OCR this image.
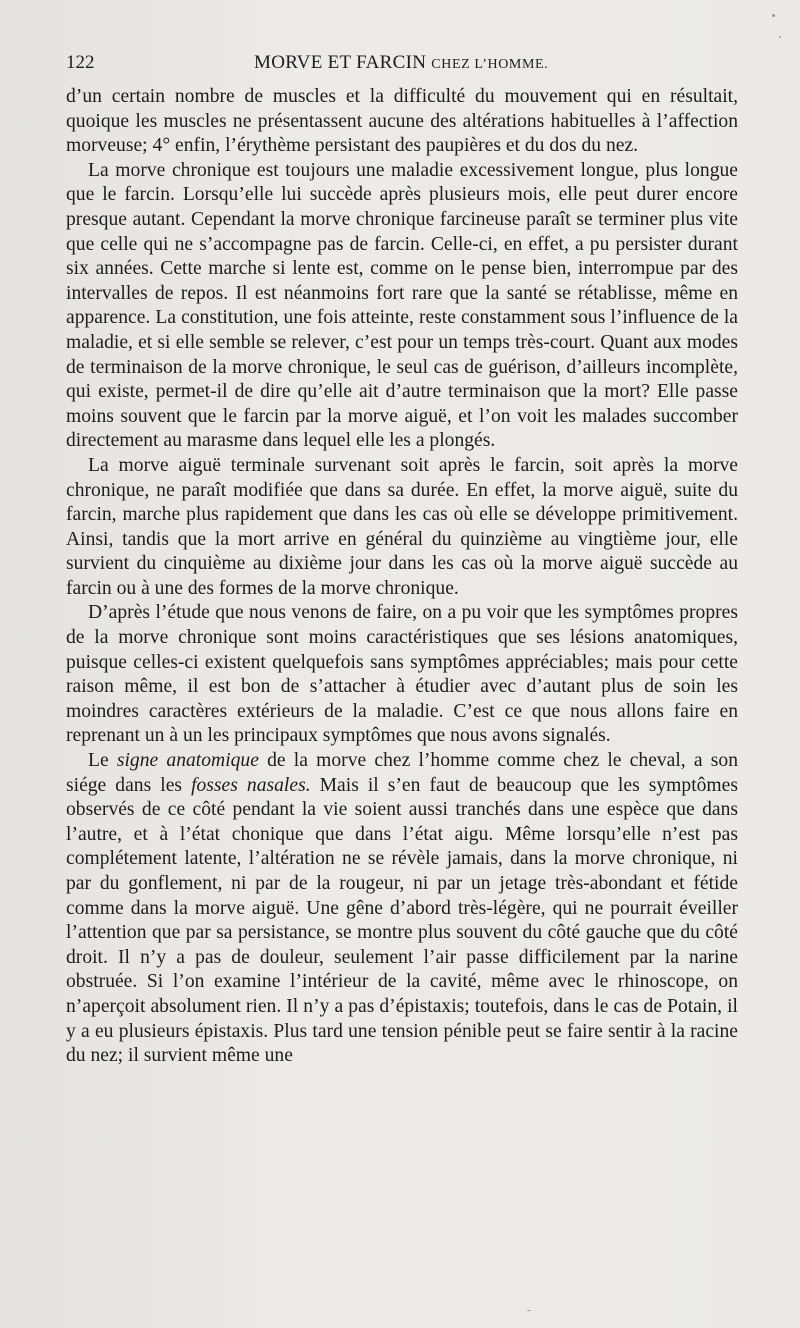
122	MORVE ET FARCIN CHEZ L’HOMME.

d’un certain nombre de muscles et la difficulté du mouvement qui en résultait, quoique les muscles ne présentassent aucune des altérations habituelles à l’affection morveuse; 4° enfin, l’érythème persistant des paupières et du dos du nez.

La morve chronique est toujours une maladie excessivement longue, plus longue que le farcin. Lorsqu’elle lui succède après plusieurs mois, elle peut durer encore presque autant. Cependant la morve chronique farcineuse paraît se terminer plus vite que celle qui ne s’accompagne pas de farcin. Celle-ci, en effet, a pu persister durant six années. Cette marche si lente est, comme on le pense bien, interrompue par des intervalles de repos. Il est néanmoins fort rare que la santé se rétablisse, même en apparence. La constitution, une fois atteinte, reste constamment sous l’influence de la maladie, et si elle semble se relever, c’est pour un temps très-court. Quant aux modes de terminaison de la morve chronique, le seul cas de guérison, d’ailleurs incomplète, qui existe, permet-il de dire qu’elle ait d’autre terminaison que la mort? Elle passe moins souvent que le farcin par la morve aiguë, et l’on voit les malades succomber directement au marasme dans lequel elle les a plongés.

La morve aiguë terminale survenant soit après le farcin, soit après la morve chronique, ne paraît modifiée que dans sa durée. En effet, la morve aiguë, suite du farcin, marche plus rapidement que dans les cas où elle se développe primitivement. Ainsi, tandis que la mort arrive en général du quinzième au vingtième jour, elle survient du cinquième au dixième jour dans les cas où la morve aiguë succède au farcin ou à une des formes de la morve chronique.

D’après l’étude que nous venons de faire, on a pu voir que les symptômes propres de la morve chronique sont moins caractéristiques que ses lésions anatomiques, puisque celles-ci existent quelquefois sans symptômes appréciables; mais pour cette raison même, il est bon de s’attacher à étudier avec d’autant plus de soin les moindres caractères extérieurs de la maladie. C’est ce que nous allons faire en reprenant un à un les principaux symptômes que nous avons signalés.

Le signe anatomique de la morve chez l’homme comme chez le cheval, a son siége dans les fosses nasales. Mais il s’en faut de beaucoup que les symptômes observés de ce côté pendant la vie soient aussi tranchés dans une espèce que dans l’autre, et à l’état chonique que dans l’état aigu. Même lorsqu’elle n’est pas complétement latente, l’altération ne se révèle jamais, dans la morve chronique, ni par du gonflement, ni par de la rougeur, ni par un jetage très-abondant et fétide comme dans la morve aiguë. Une gêne d’abord très-légère, qui ne pourrait éveiller l’attention que par sa persistance, se montre plus souvent du côté gauche que du côté droit. Il n’y a pas de douleur, seulement l’air passe difficilement par la narine obstruée. Si l’on examine l’intérieur de la cavité, même avec le rhinoscope, on n’aperçoit absolument rien. Il n’y a pas d’épistaxis; toutefois, dans le cas de Potain, il y a eu plusieurs épistaxis. Plus tard une tension pénible peut se faire sentir à la racine du nez; il survient même une
